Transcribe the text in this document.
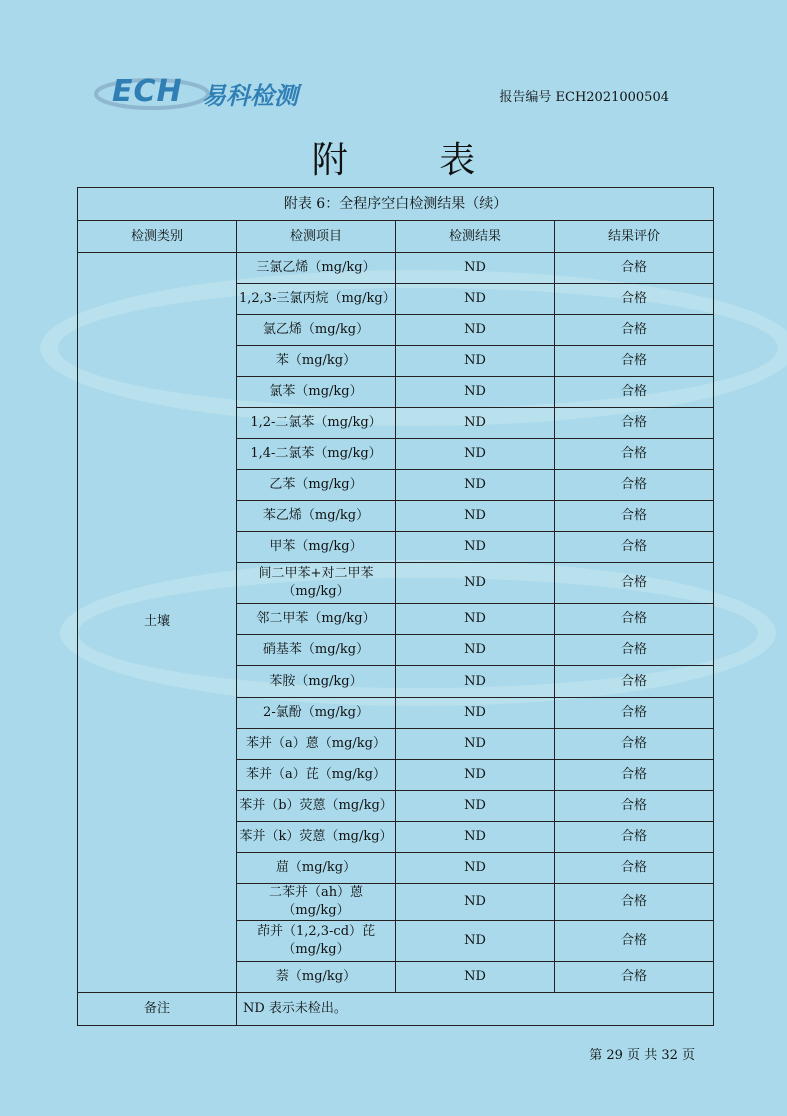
ECH 易科检测	报告编号 ECH2021000504
附 表
附表 6：全程序空白检测结果（续）			
检测类别	检测项目	检测结果	结果评价
土壤	三氯乙烯（mg/kg）	ND	合格
	1,2,3-三氯丙烷（mg/kg）	ND	合格
	氯乙烯（mg/kg）	ND	合格
	苯（mg/kg）	ND	合格
	氯苯（mg/kg）	ND	合格
	1,2-二氯苯（mg/kg）	ND	合格
	1,4-二氯苯（mg/kg）	ND	合格
	乙苯（mg/kg）	ND	合格
	苯乙烯（mg/kg）	ND	合格
	甲苯（mg/kg）	ND	合格
	间二甲苯+对二甲苯（mg/kg）	ND	合格
	邻二甲苯（mg/kg）	ND	合格
	硝基苯（mg/kg）	ND	合格
	苯胺（mg/kg）	ND	合格
	2-氯酚（mg/kg）	ND	合格
	苯并（a）蒽（mg/kg）	ND	合格
	苯并（a）芘（mg/kg）	ND	合格
	苯并（b）荧蒽（mg/kg）	ND	合格
	苯并（k）荧蒽（mg/kg）	ND	合格
	䓛（mg/kg）	ND	合格
	二苯并（ah）蒽（mg/kg）	ND	合格
	茚并（1,2,3-cd）芘（mg/kg）	ND	合格
	萘（mg/kg）	ND	合格
备注	ND 表示未检出。		
第 29 页 共 32 页
